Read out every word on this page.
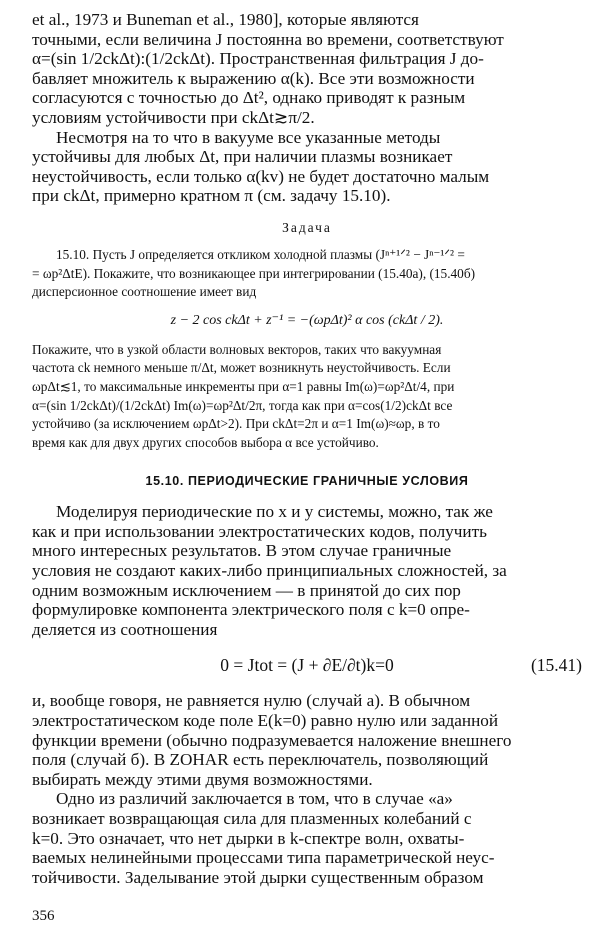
et al., 1973 и Buneman et al., 1980], которые являются

точными, если величина J постоянна во времени, соответствуют

α=(sin 1/2ckΔt):(1/2ckΔt). Пространственная фильтрация J до-

бавляет множитель к выражению α(k). Все эти возможности

согласуются с точностью до Δt², однако приводят к разным

условиям устойчивости при ckΔt≳π/2.

Несмотря на то что в вакууме все указанные методы

устойчивы для любых Δt, при наличии плазмы возникает

неустойчивость, если только α(kv) не будет достаточно малым

при ckΔt, примерно кратном π (см. задачу 15.10).

Задача

15.10. Пусть J определяется откликом холодной плазмы (Jⁿ⁺¹ᐟ² − Jⁿ⁻¹ᐟ² =

= ωp²ΔtE). Покажите, что возникающее при интегрировании (15.40а), (15.40б)

дисперсионное соотношение имеет вид

z − 2 cos ckΔt + z⁻¹ = −(ωpΔt)² α cos (ckΔt / 2).

Покажите, что в узкой области волновых векторов, таких что вакуумная

частота ck немного меньше π/Δt, может возникнуть неустойчивость. Если

ωpΔt≲1, то максимальные инкременты при α=1 равны Im(ω)=ωp²Δt/4, при

α=(sin 1/2ckΔt)/(1/2ckΔt) Im(ω)=ωp²Δt/2π, тогда как при α=cos(1/2)ckΔt все

устойчиво (за исключением ωpΔt>2). При ckΔt=2π и α=1 Im(ω)≈ωp, в то

время как для двух других способов выбора α все устойчиво.

15.10. ПЕРИОДИЧЕСКИЕ ГРАНИЧНЫЕ УСЛОВИЯ

Моделируя периодические по x и y системы, можно, так же

как и при использовании электростатических кодов, получить

много интересных результатов. В этом случае граничные

условия не создают каких-либо принципиальных сложностей, за

одним возможным исключением — в принятой до сих пор

формулировке компонента электрического поля с k=0 опре-

деляется из соотношения

0 = Jtot = (J + ∂E/∂t)k=0	(15.41)

и, вообще говоря, не равняется нулю (случай а). В обычном

электростатическом коде поле E(k=0) равно нулю или заданной

функции времени (обычно подразумевается наложение внешнего

поля (случай б). В ZOHAR есть переключатель, позволяющий

выбирать между этими двумя возможностями.

Одно из различий заключается в том, что в случае «а»

возникает возвращающая сила для плазменных колебаний с

k=0. Это означает, что нет дырки в k-спектре волн, охваты-

ваемых нелинейными процессами типа параметрической неус-

тойчивости. Заделывание этой дырки существенным образом

356
